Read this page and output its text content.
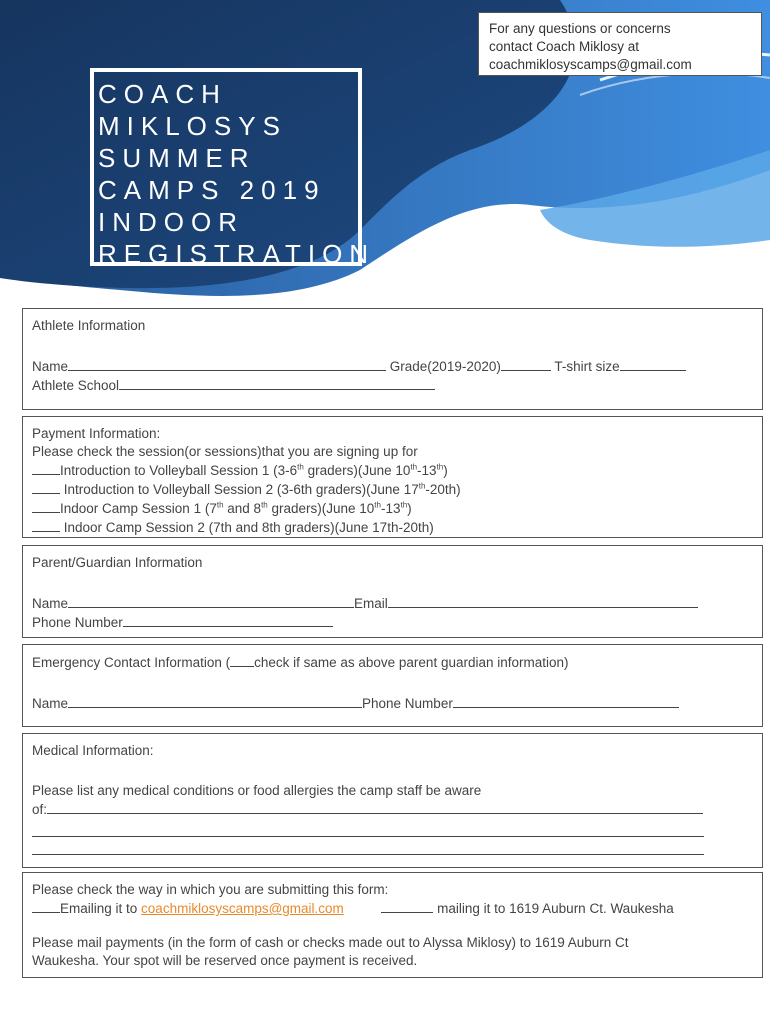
For any questions or concerns
contact Coach Miklosy at
coachmiklosyscamps@gmail.com
COACH
MIKLOSYS
SUMMER
CAMPS 2019
INDOOR
REGISTRATION
Athlete Information
Name	Grade(2019-2020)	T-shirt size
Athlete School
Payment Information:
Please check the session(or sessions)that you are signing up for
Introduction to Volleyball Session 1 (3-6th graders)(June 10th-13th)
Introduction to Volleyball Session 2 (3-6th graders)(June 17th-20th)
Indoor Camp Session 1 (7th and 8th graders)(June 10th-13th)
Indoor Camp Session 2 (7th and 8th graders)(June 17th-20th)
Parent/Guardian Information
Name	Email
Phone Number
Emergency Contact Information ( check if same as above parent guardian information)
Name	Phone Number
Medical Information:
Please list any medical conditions or food allergies the camp staff be aware
of:
Please check the way in which you are submitting this form:
Emailing it to coachmiklosyscamps@gmail.com	mailing it to 1619 Auburn Ct. Waukesha
Please mail payments (in the form of cash or checks made out to Alyssa Miklosy) to 1619 Auburn Ct
Waukesha. Your spot will be reserved once payment is received.
